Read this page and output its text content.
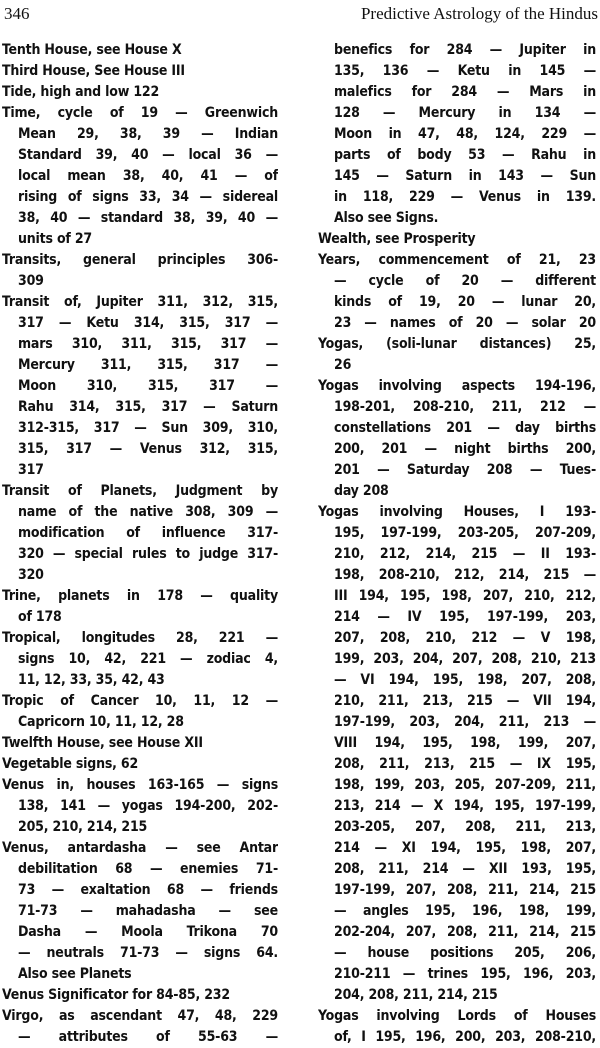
346	Predictive Astrology of the Hindus
Tenth House, see House X
Third House, See House III
Tide, high and low 122
Time, cycle of 19 — Greenwich
Mean 29, 38, 39 — Indian
Standard 39, 40 — local 36 —
local mean 38, 40, 41 — of
rising of signs 33, 34 — sidereal
38, 40 — standard 38, 39, 40 —
units of 27
Transits, general principles 306-
309
Transit of, Jupiter 311, 312, 315,
317 — Ketu 314, 315, 317 —
mars 310, 311, 315, 317 —
Mercury 311, 315, 317 —
Moon 310, 315, 317 —
Rahu 314, 315, 317 — Saturn
312-315, 317 — Sun 309, 310,
315, 317 — Venus 312, 315,
317
Transit of Planets, Judgment by
name of the native 308, 309 —
modification of influence 317-
320 — special rules to judge 317-
320
Trine, planets in 178 — quality
of 178
Tropical, longitudes 28, 221 —
signs 10, 42, 221 — zodiac 4,
11, 12, 33, 35, 42, 43
Tropic of Cancer 10, 11, 12 —
Capricorn 10, 11, 12, 28
Twelfth House, see House XII
Vegetable signs, 62
Venus in, houses 163-165 — signs
138, 141 — yogas 194-200, 202-
205, 210, 214, 215
Venus, antardasha — see Antar
debilitation 68 — enemies 71-
73 — exaltation 68 — friends
71-73 — mahadasha — see
Dasha — Moola Trikona 70
— neutrals 71-73 — signs 64.
Also see Planets
Venus Significator for 84-85, 232
Virgo, as ascendant 47, 48, 229
— attributes of 55-63 —
benefics for 284 — Jupiter in
135, 136 — Ketu in 145 —
malefics for 284 — Mars in
128 — Mercury in 134 —
Moon in 47, 48, 124, 229 —
parts of body 53 — Rahu in
145 — Saturn in 143 — Sun
in 118, 229 — Venus in 139.
Also see Signs.
Wealth, see Prosperity
Years, commencement of 21, 23
— cycle of 20 — different
kinds of 19, 20 — lunar 20,
23 — names of 20 — solar 20
Yogas, (soli-lunar distances) 25,
26
Yogas involving aspects 194-196,
198-201, 208-210, 211, 212 —
constellations 201 — day births
200, 201 — night births 200,
201 — Saturday 208 — Tues-
day 208
Yogas involving Houses, I 193-
195, 197-199, 203-205, 207-209,
210, 212, 214, 215 — II 193-
198, 208-210, 212, 214, 215 —
III 194, 195, 198, 207, 210, 212,
214 — IV 195, 197-199, 203,
207, 208, 210, 212 — V 198,
199, 203, 204, 207, 208, 210, 213
— VI 194, 195, 198, 207, 208,
210, 211, 213, 215 — VII 194,
197-199, 203, 204, 211, 213 —
VIII 194, 195, 198, 199, 207,
208, 211, 213, 215 — IX 195,
198, 199, 203, 205, 207-209, 211,
213, 214 — X 194, 195, 197-199,
203-205, 207, 208, 211, 213,
214 — XI 194, 195, 198, 207,
208, 211, 214 — XII 193, 195,
197-199, 207, 208, 211, 214, 215
— angles 195, 196, 198, 199,
202-204, 207, 208, 211, 214, 215
— house positions 205, 206,
210-211 — trines 195, 196, 203,
204, 208, 211, 214, 215
Yogas involving Lords of Houses
of, I 195, 196, 200, 203, 208-210,
